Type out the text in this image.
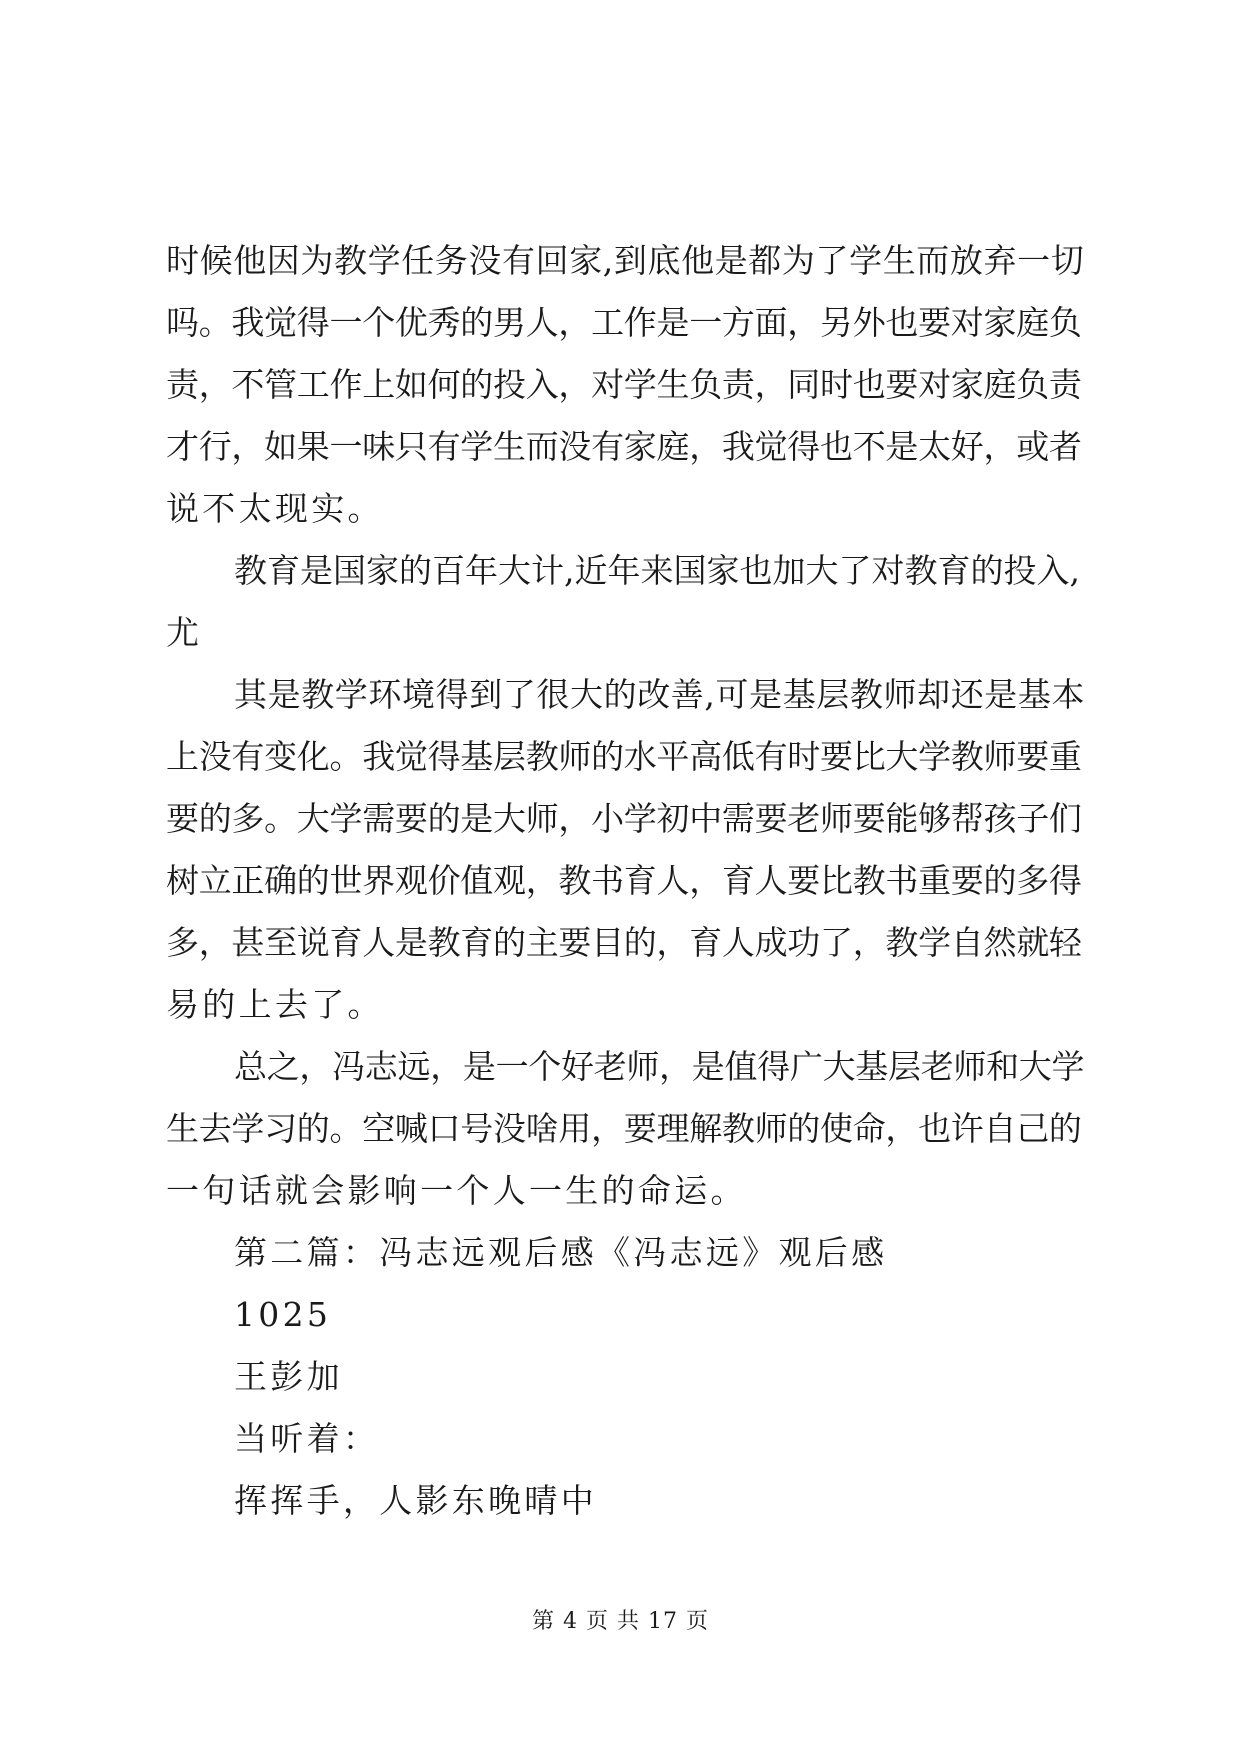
时候他因为教学任务没有回家,到底他是都为了学生而放弃一切
吗。我觉得一个优秀的男人，工作是一方面，另外也要对家庭负
责，不管工作上如何的投入，对学生负责，同时也要对家庭负责
才行，如果一味只有学生而没有家庭，我觉得也不是太好，或者
说不太现实。
教育是国家的百年大计,近年来国家也加大了对教育的投入,
尤
其是教学环境得到了很大的改善,可是基层教师却还是基本
上没有变化。我觉得基层教师的水平高低有时要比大学教师要重
要的多。大学需要的是大师，小学初中需要老师要能够帮孩子们
树立正确的世界观价值观，教书育人，育人要比教书重要的多得
多，甚至说育人是教育的主要目的，育人成功了，教学自然就轻
易的上去了。
总之，冯志远，是一个好老师，是值得广大基层老师和大学
生去学习的。空喊口号没啥用，要理解教师的使命，也许自己的
一句话就会影响一个人一生的命运。
第二篇：冯志远观后感《冯志远》观后感
1025
王彭加
当听着：
挥挥手，人影东晚晴中
第 4 页 共 17 页
